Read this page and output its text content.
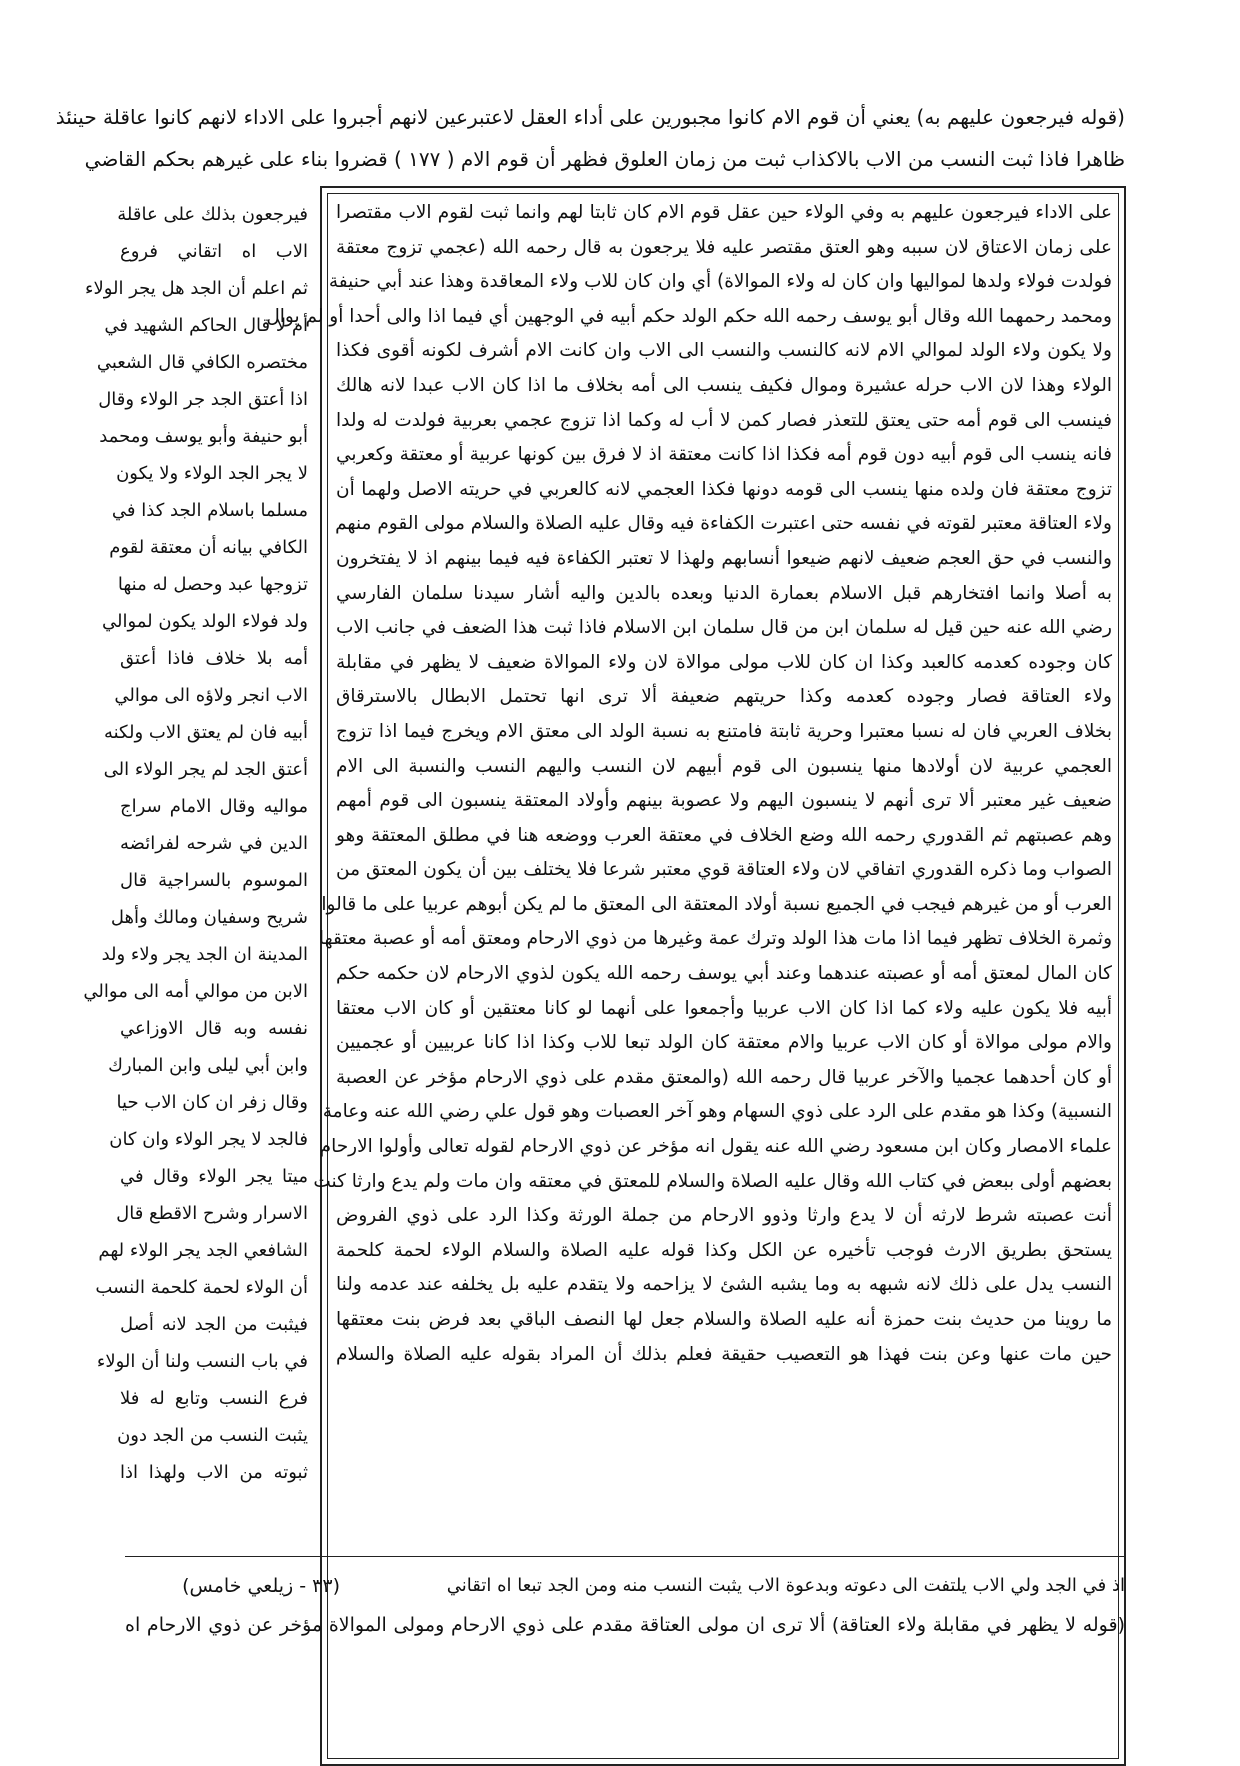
(قوله فيرجعون عليهم به) يعني أن قوم الام كانوا مجبورين على أداء العقل لاعتبرعين لانهم أجبروا على الاداء لانهم كانوا عاقلة حينئذ
ظاهرا فاذا ثبت النسب من الاب بالاكذاب ثبت من زمان العلوق فظهر أن قوم الام ( ١٧٧ ) قضروا بناء على غيرهم بحكم القاضي
على الاداء فيرجعون عليهم به وفي الولاء حين عقل قوم الام كان ثابتا لهم وانما ثبت لقوم الاب مقتصرا
على زمان الاعتاق لان سببه وهو العتق مقتصر عليه فلا يرجعون به قال رحمه الله (عجمي تزوج معتقة
فولدت فولاء ولدها لمواليها وان كان له ولاء الموالاة) أي وان كان للاب ولاء المعاقدة وهذا عند أبي حنيفة
ومحمد رحمهما الله وقال أبو يوسف رحمه الله حكم الولد حكم أبيه في الوجهين أي فيما اذا والى أحدا أو لم يوال
ولا يكون ولاء الولد لموالي الام لانه كالنسب والنسب الى الاب وان كانت الام أشرف لكونه أقوى فكذا
الولاء وهذا لان الاب حرله عشيرة وموال فكيف ينسب الى أمه بخلاف ما اذا كان الاب عبدا لانه هالك
فينسب الى قوم أمه حتى يعتق للتعذر فصار كمن لا أب له وكما اذا تزوج عجمي بعربية فولدت له ولدا
فانه ينسب الى قوم أبيه دون قوم أمه فكذا اذا كانت معتقة اذ لا فرق بين كونها عربية أو معتقة وكعربي
تزوج معتقة فان ولده منها ينسب الى قومه دونها فكذا العجمي لانه كالعربي في حريته الاصل ولهما أن
ولاء العتاقة معتبر لقوته في نفسه حتى اعتبرت الكفاءة فيه وقال عليه الصلاة والسلام مولى القوم منهم
والنسب في حق العجم ضعيف لانهم ضيعوا أنسابهم ولهذا لا تعتبر الكفاءة فيه فيما بينهم اذ لا يفتخرون
به أصلا وانما افتخارهم قبل الاسلام بعمارة الدنيا وبعده بالدين واليه أشار سيدنا سلمان الفارسي
رضي الله عنه حين قيل له سلمان ابن من قال سلمان ابن الاسلام فاذا ثبت هذا الضعف في جانب الاب
كان وجوده كعدمه كالعبد وكذا ان كان للاب مولى موالاة لان ولاء الموالاة ضعيف لا يظهر في مقابلة
ولاء العتاقة فصار وجوده كعدمه وكذا حريتهم ضعيفة ألا ترى انها تحتمل الابطال بالاسترقاق
بخلاف العربي فان له نسبا معتبرا وحرية ثابتة فامتنع به نسبة الولد الى معتق الام ويخرج فيما اذا تزوج
العجمي عربية لان أولادها منها ينسبون الى قوم أبيهم لان النسب واليهم النسب والنسبة الى الام
ضعيف غير معتبر ألا ترى أنهم لا ينسبون اليهم ولا عصوبة بينهم وأولاد المعتقة ينسبون الى قوم أمهم
وهم عصبتهم ثم القدوري رحمه الله وضع الخلاف في معتقة العرب ووضعه هنا في مطلق المعتقة وهو
الصواب وما ذكره القدوري اتفاقي لان ولاء العتاقة قوي معتبر شرعا فلا يختلف بين أن يكون المعتق من
العرب أو من غيرهم فيجب في الجميع نسبة أولاد المعتقة الى المعتق ما لم يكن أبوهم عربيا على ما قالوا
وثمرة الخلاف تظهر فيما اذا مات هذا الولد وترك عمة وغيرها من ذوي الارحام ومعتق أمه أو عصبة معتقها
كان المال لمعتق أمه أو عصبته عندهما وعند أبي يوسف رحمه الله يكون لذوي الارحام لان حكمه حكم
أبيه فلا يكون عليه ولاء كما اذا كان الاب عربيا وأجمعوا على أنهما لو كانا معتقين أو كان الاب معتقا
والام مولى موالاة أو كان الاب عربيا والام معتقة كان الولد تبعا للاب وكذا اذا كانا عربيين أو عجميين
أو كان أحدهما عجميا والآخر عربيا قال رحمه الله (والمعتق مقدم على ذوي الارحام مؤخر عن العصبة
النسبية) وكذا هو مقدم على الرد على ذوي السهام وهو آخر العصبات وهو قول علي رضي الله عنه وعامة
علماء الامصار وكان ابن مسعود رضي الله عنه يقول انه مؤخر عن ذوي الارحام لقوله تعالى وأولوا الارحام
بعضهم أولى ببعض في كتاب الله وقال عليه الصلاة والسلام للمعتق في معتقه وان مات ولم يدع وارثا كنت
أنت عصبته شرط لارثه أن لا يدع وارثا وذوو الارحام من جملة الورثة وكذا الرد على ذوي الفروض
يستحق بطريق الارث فوجب تأخيره عن الكل وكذا قوله عليه الصلاة والسلام الولاء لحمة كلحمة
النسب يدل على ذلك لانه شبهه به وما يشبه الشئ لا يزاحمه ولا يتقدم عليه بل يخلفه عند عدمه ولنا
ما روينا من حديث بنت حمزة أنه عليه الصلاة والسلام جعل لها النصف الباقي بعد فرض بنت معتقها
حين مات عنها وعن بنت فهذا هو التعصيب حقيقة فعلم بذلك أن المراد بقوله عليه الصلاة والسلام
فيرجعون بذلك على عاقلة
الاب اه اتقاني فروع
ثم اعلم أن الجد هل يجر الولاء
أم لا قال الحاكم الشهيد في
مختصره الكافي قال الشعبي
اذا أعتق الجد جر الولاء وقال
أبو حنيفة وأبو يوسف ومحمد
لا يجر الجد الولاء ولا يكون
مسلما باسلام الجد كذا في
الكافي بيانه أن معتقة لقوم
تزوجها عبد وحصل له منها
ولد فولاء الولد يكون لموالي
أمه بلا خلاف فاذا أعتق
الاب انجر ولاؤه الى موالي
أبيه فان لم يعتق الاب ولكنه
أعتق الجد لم يجر الولاء الى
مواليه وقال الامام سراج
الدين في شرحه لفرائضه
الموسوم بالسراجية قال
شريح وسفيان ومالك وأهل
المدينة ان الجد يجر ولاء ولد
الابن من موالي أمه الى موالي
نفسه وبه قال الاوزاعي
وابن أبي ليلى وابن المبارك
وقال زفر ان كان الاب حيا
فالجد لا يجر الولاء وان كان
ميتا يجر الولاء وقال في
الاسرار وشرح الاقطع قال
الشافعي الجد يجر الولاء لهم
أن الولاء لحمة كلحمة النسب
فيثبت من الجد لانه أصل
في باب النسب ولنا أن الولاء
فرع النسب وتابع له فلا
يثبت النسب من الجد دون
ثبوته من الاب ولهذا اذا
(٣٣ - زيلعي خامس)	اذ في الجد ولي الاب يلتفت الى دعوته وبدعوة الاب يثبت النسب منه ومن الجد تبعا اه اتقاني
(قوله لا يظهر في مقابلة ولاء العتاقة) ألا ترى ان مولى العتاقة مقدم على ذوي الارحام ومولى الموالاة مؤخر عن ذوي الارحام اه
